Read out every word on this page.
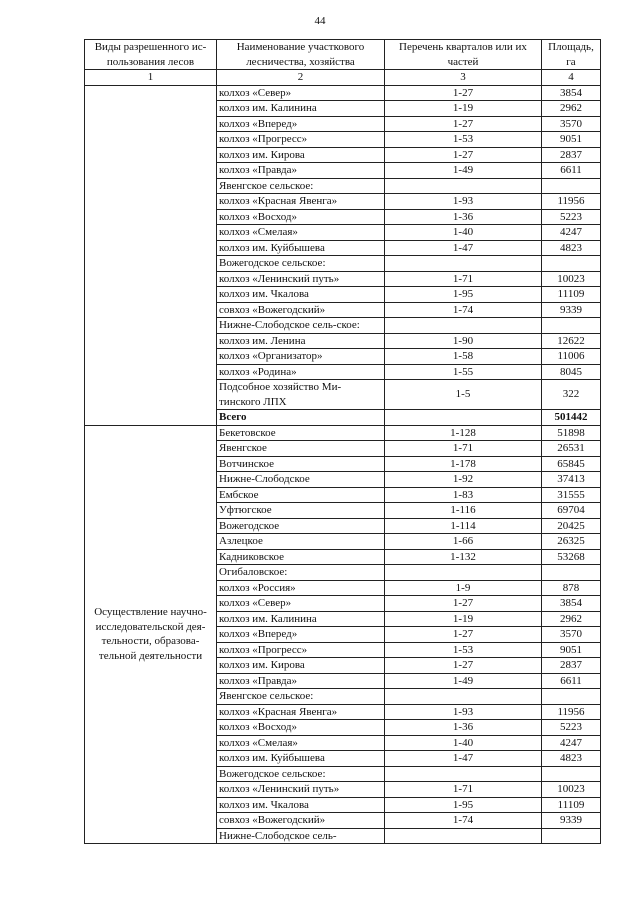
44
Виды разрешенного ис-пользования лесов	Наименование участкового лесничества, хозяйства	Перечень кварталов или их частей	Площадь, га
1	2	3	4
	колхоз «Север»	1-27	3854
	колхоз им. Калинина	1-19	2962
	колхоз «Вперед»	1-27	3570
	колхоз «Прогресс»	1-53	9051
	колхоз им. Кирова	1-27	2837
	колхоз «Правда»	1-49	6611
	Явенгское сельское:		
	колхоз «Красная Явенга»	1-93	11956
	колхоз «Восход»	1-36	5223
	колхоз «Смелая»	1-40	4247
	колхоз им. Куйбышева	1-47	4823
	Вожегодское сельское:		
	колхоз «Ленинский путь»	1-71	10023
	колхоз им. Чкалова	1-95	11109
	совхоз «Вожегодский»	1-74	9339
	Нижне-Слободское сель-ское:		
	колхоз им. Ленина	1-90	12622
	колхоз «Организатор»	1-58	11006
	колхоз «Родина»	1-55	8045
	Подсобное хозяйство Ми-тинского ЛПХ	1-5	322
	Всего		501442
Осуществление научно-исследовательской дея-тельности, образова-тельной деятельности	Бекетовское	1-128	51898
	Явенгское	1-71	26531
	Вотчинское	1-178	65845
	Нижне-Слободское	1-92	37413
	Ембское	1-83	31555
	Уфтюгское	1-116	69704
	Вожегодское	1-114	20425
	Азлецкое	1-66	26325
	Кадниковское	1-132	53268
	Огибаловское:		
	колхоз «Россия»	1-9	878
	колхоз «Север»	1-27	3854
	колхоз им. Калинина	1-19	2962
	колхоз «Вперед»	1-27	3570
	колхоз «Прогресс»	1-53	9051
	колхоз им. Кирова	1-27	2837
	колхоз «Правда»	1-49	6611
	Явенгское сельское:		
	колхоз «Красная Явенга»	1-93	11956
	колхоз «Восход»	1-36	5223
	колхоз «Смелая»	1-40	4247
	колхоз им. Куйбышева	1-47	4823
	Вожегодское сельское:		
	колхоз «Ленинский путь»	1-71	10023
	колхоз им. Чкалова	1-95	11109
	совхоз «Вожегодский»	1-74	9339
	Нижне-Слободское сель-		
